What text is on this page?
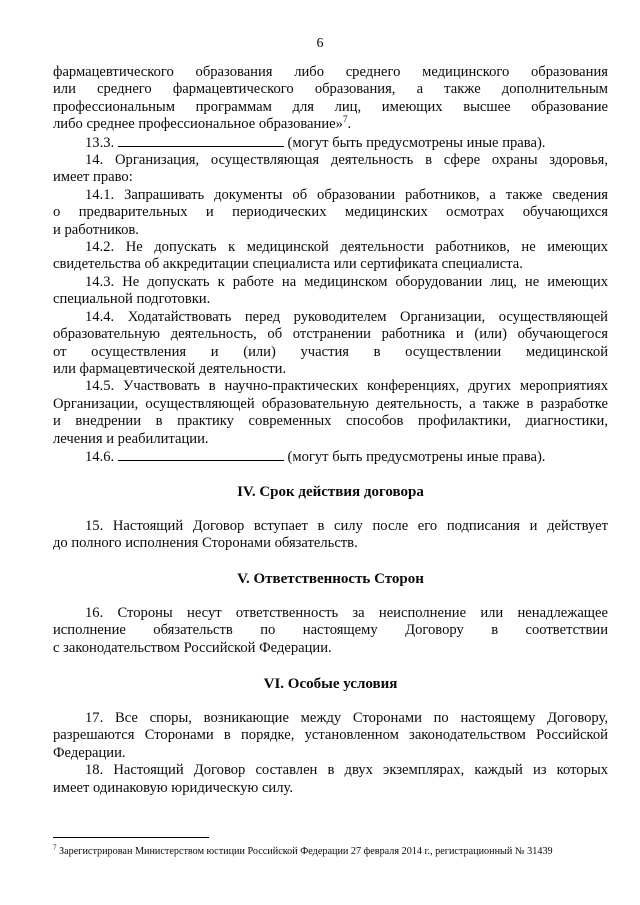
6

фармацевтического образования либо среднего медицинского образования

или среднего фармацевтического образования, а также дополнительным

профессиональным программам для лиц, имеющих высшее образование

либо среднее профессиональное образование»$^7$.

13.3.	(могут быть предусмотрены иные права).

14. Организация, осуществляющая деятельность в сфере охраны здоровья,

имеет право:

14.1. Запрашивать документы об образовании работников, а также сведения

о предварительных и периодических медицинских осмотрах обучающихся

и работников.

14.2. Не допускать к медицинской деятельности работников, не имеющих

свидетельства об аккредитации специалиста или сертификата специалиста.

14.3. Не допускать к работе на медицинском оборудовании лиц, не имеющих

специальной подготовки.

14.4. Ходатайствовать перед руководителем Организации, осуществляющей

образовательную деятельность, об отстранении работника и (или) обучающегося

от осуществления и (или) участия в осуществлении медицинской

или фармацевтической деятельности.

14.5. Участвовать в научно-практических конференциях, других мероприятиях

Организации, осуществляющей образовательную деятельность, а также в разработке

и внедрении в практику современных способов профилактики, диагностики,

лечения и реабилитации.

14.6.	(могут быть предусмотрены иные права).

IV. Срок действия договора

15. Настоящий Договор вступает в силу после его подписания и действует

до полного исполнения Сторонами обязательств.

V. Ответственность Сторон

16. Стороны несут ответственность за неисполнение или ненадлежащее

исполнение обязательств по настоящему Договору в соответствии

с законодательством Российской Федерации.

VI. Особые условия

17. Все споры, возникающие между Сторонами по настоящему Договору,

разрешаются Сторонами в порядке, установленном законодательством Российской

Федерации.

18. Настоящий Договор составлен в двух экземплярах, каждый из которых

имеет одинаковую юридическую силу.

$^7$ Зарегистрирован Министерством юстиции Российской Федерации 27 февраля 2014 г., регистрационный № 31439
